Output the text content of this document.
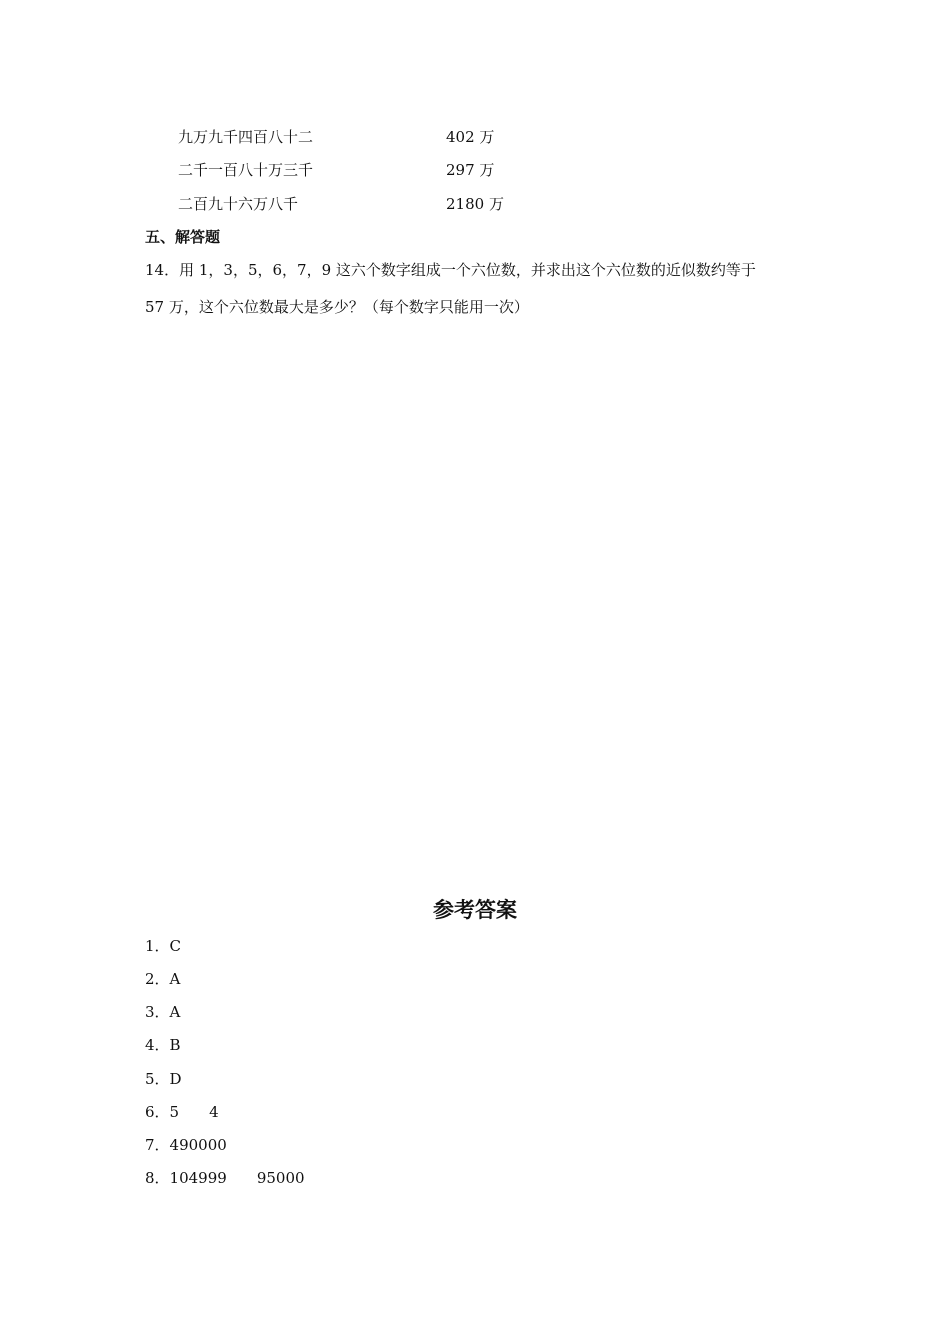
九万九千四百八十二	402 万
二千一百八十万三千	297 万
二百九十六万八千	2180 万
五、解答题
14．用 1，3，5，6，7，9 这六个数字组成一个六位数，并求出这个六位数的近似数约等于
57 万，这个六位数最大是多少？（每个数字只能用一次）
参考答案
1．C
2．A
3．A
4．B
5．D
6．5 4
7．490000
8．104999 95000
